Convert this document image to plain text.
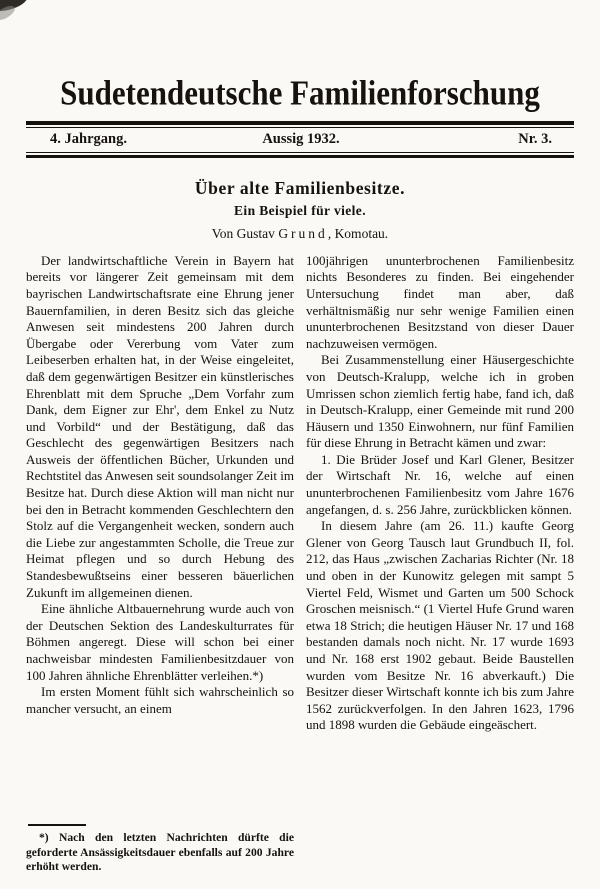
Sudetendeutsche Familienforschung
4. Jahrgang.	Aussig 1932.	Nr. 3.
Über alte Familienbesitze.
Ein Beispiel für viele.

Von Gustav Grund, Komotau.

Der landwirtschaftliche Verein in Bayern hat bereits vor längerer Zeit gemeinsam mit dem bayrischen Landwirtschaftsrate eine Ehrung jener Bauernfamilien, in deren Besitz sich das gleiche Anwesen seit mindestens 200 Jahren durch Übergabe oder Vererbung vom Vater zum Leibeserben erhalten hat, in der Weise eingeleitet, daß dem gegenwärtigen Besitzer ein künstlerisches Ehrenblatt mit dem Spruche „Dem Vorfahr zum Dank, dem Eigner zur Ehr', dem Enkel zu Nutz und Vorbild“ und der Bestätigung, daß das Geschlecht des gegenwärtigen Besitzers nach Ausweis der öffentlichen Bücher, Urkunden und Rechtstitel das Anwesen seit soundsolanger Zeit im Besitze hat. Durch diese Aktion will man nicht nur bei den in Betracht kommenden Geschlechtern den Stolz auf die Vergangenheit wecken, sondern auch die Liebe zur angestammten Scholle, die Treue zur Heimat pflegen und so durch Hebung des Standesbewußtseins einer besseren bäuerlichen Zukunft im allgemeinen dienen.

Eine ähnliche Altbauernehrung wurde auch von der Deutschen Sektion des Landeskulturrates für Böhmen angeregt. Diese will schon bei einer nachweisbar mindesten Familienbesitzdauer von 100 Jahren ähnliche Ehrenblätter verleihen.*)

Im ersten Moment fühlt sich wahrscheinlich so mancher versucht, an einem

*) Nach den letzten Nachrichten dürfte die geforderte Ansässigkeitsdauer ebenfalls auf 200 Jahre erhöht werden.

100jährigen ununterbrochenen Familienbesitz nichts Besonderes zu finden. Bei eingehender Untersuchung findet man aber, daß verhältnismäßig nur sehr wenige Familien einen ununterbrochenen Besitzstand von dieser Dauer nachzuweisen vermögen.

Bei Zusammenstellung einer Häusergeschichte von Deutsch-Kralupp, welche ich in groben Umrissen schon ziemlich fertig habe, fand ich, daß in Deutsch-Kralupp, einer Gemeinde mit rund 200 Häusern und 1350 Einwohnern, nur fünf Familien für diese Ehrung in Betracht kämen und zwar:

1. Die Brüder Josef und Karl Glener, Besitzer der Wirtschaft Nr. 16, welche auf einen ununterbrochenen Familienbesitz vom Jahre 1676 angefangen, d. s. 256 Jahre, zurückblicken können.

In diesem Jahre (am 26. 11.) kaufte Georg Glener von Georg Tausch laut Grundbuch II, fol. 212, das Haus „zwischen Zacharias Richter (Nr. 18 und oben in der Kunowitz gelegen mit sampt 5 Viertel Feld, Wismet und Garten um 500 Schock Groschen meisnisch.“ (1 Viertel Hufe Grund waren etwa 18 Strich; die heutigen Häuser Nr. 17 und 168 bestanden damals noch nicht. Nr. 17 wurde 1693 und Nr. 168 erst 1902 gebaut. Beide Baustellen wurden vom Besitze Nr. 16 abverkauft.) Die Besitzer dieser Wirtschaft konnte ich bis zum Jahre 1562 zurückverfolgen. In den Jahren 1623, 1796 und 1898 wurden die Gebäude eingeäschert.
